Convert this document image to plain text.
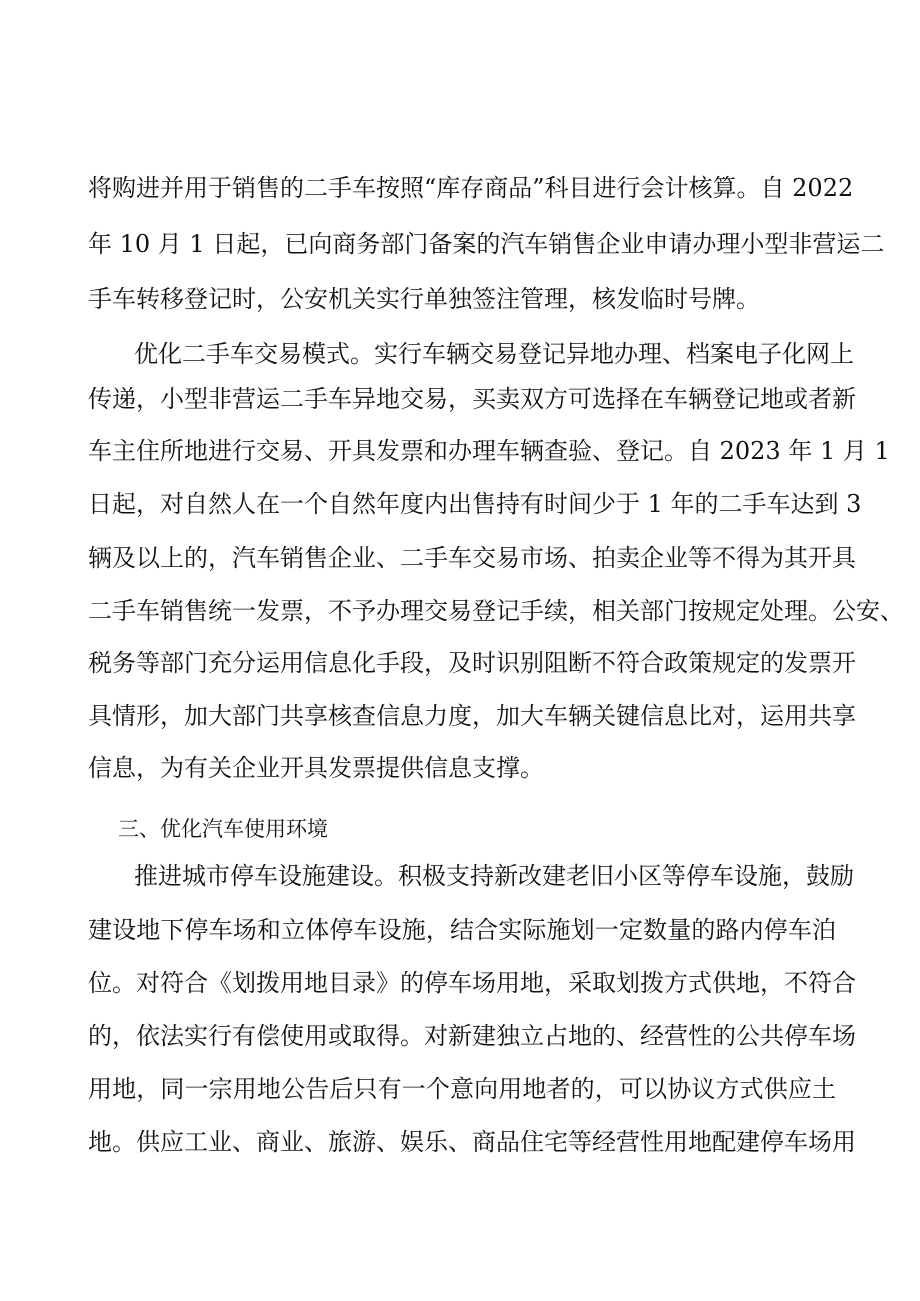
将购进并用于销售的二手车按照“库存商品”科目进行会计核算。自 2022
年 10 月 1 日起，已向商务部门备案的汽车销售企业申请办理小型非营运二
手车转移登记时，公安机关实行单独签注管理，核发临时号牌。
优化二手车交易模式。实行车辆交易登记异地办理、档案电子化网上
传递，小型非营运二手车异地交易，买卖双方可选择在车辆登记地或者新
车主住所地进行交易、开具发票和办理车辆查验、登记。自 2023 年 1 月 1
日起，对自然人在一个自然年度内出售持有时间少于 1 年的二手车达到 3
辆及以上的，汽车销售企业、二手车交易市场、拍卖企业等不得为其开具
二手车销售统一发票，不予办理交易登记手续，相关部门按规定处理。公安、
税务等部门充分运用信息化手段，及时识别阻断不符合政策规定的发票开
具情形，加大部门共享核查信息力度，加大车辆关键信息比对，运用共享
信息，为有关企业开具发票提供信息支撑。
三、优化汽车使用环境
推进城市停车设施建设。积极支持新改建老旧小区等停车设施，鼓励
建设地下停车场和立体停车设施，结合实际施划一定数量的路内停车泊
位。对符合《划拨用地目录》的停车场用地，采取划拨方式供地，不符合
的，依法实行有偿使用或取得。对新建独立占地的、经营性的公共停车场
用地，同一宗用地公告后只有一个意向用地者的，可以协议方式供应土
地。供应工业、商业、旅游、娱乐、商品住宅等经营性用地配建停车场用
